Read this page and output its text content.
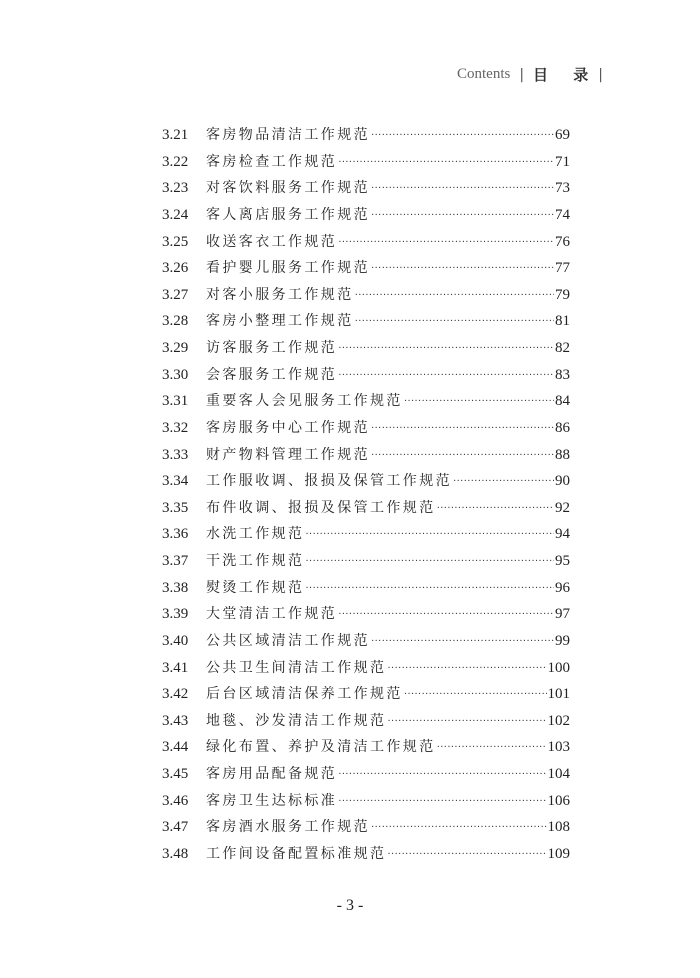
Contents | 目 录 |
3.21	客房物品清洁工作规范 ·····	69
3.22	客房检查工作规范 ·····	71
3.23	对客饮料服务工作规范 ·····	73
3.24	客人离店服务工作规范 ·····	74
3.25	收送客衣工作规范 ·····	76
3.26	看护婴儿服务工作规范 ·····	77
3.27	对客小服务工作规范 ·····	79
3.28	客房小整理工作规范 ·····	81
3.29	访客服务工作规范 ·····	82
3.30	会客服务工作规范 ·····	83
3.31	重要客人会见服务工作规范 ·····	84
3.32	客房服务中心工作规范 ·····	86
3.33	财产物料管理工作规范 ·····	88
3.34	工作服收调、报损及保管工作规范 ·····	90
3.35	布件收调、报损及保管工作规范 ·····	92
3.36	水洗工作规范 ·····	94
3.37	干洗工作规范 ·····	95
3.38	熨烫工作规范 ·····	96
3.39	大堂清洁工作规范 ·····	97
3.40	公共区域清洁工作规范 ·····	99
3.41	公共卫生间清洁工作规范 ·····	100
3.42	后台区域清洁保养工作规范 ·····	101
3.43	地毯、沙发清洁工作规范 ·····	102
3.44	绿化布置、养护及清洁工作规范 ·····	103
3.45	客房用品配备规范 ·····	104
3.46	客房卫生达标标准 ·····	106
3.47	客房酒水服务工作规范 ·····	108
3.48	工作间设备配置标准规范 ·····	109
- 3 -
